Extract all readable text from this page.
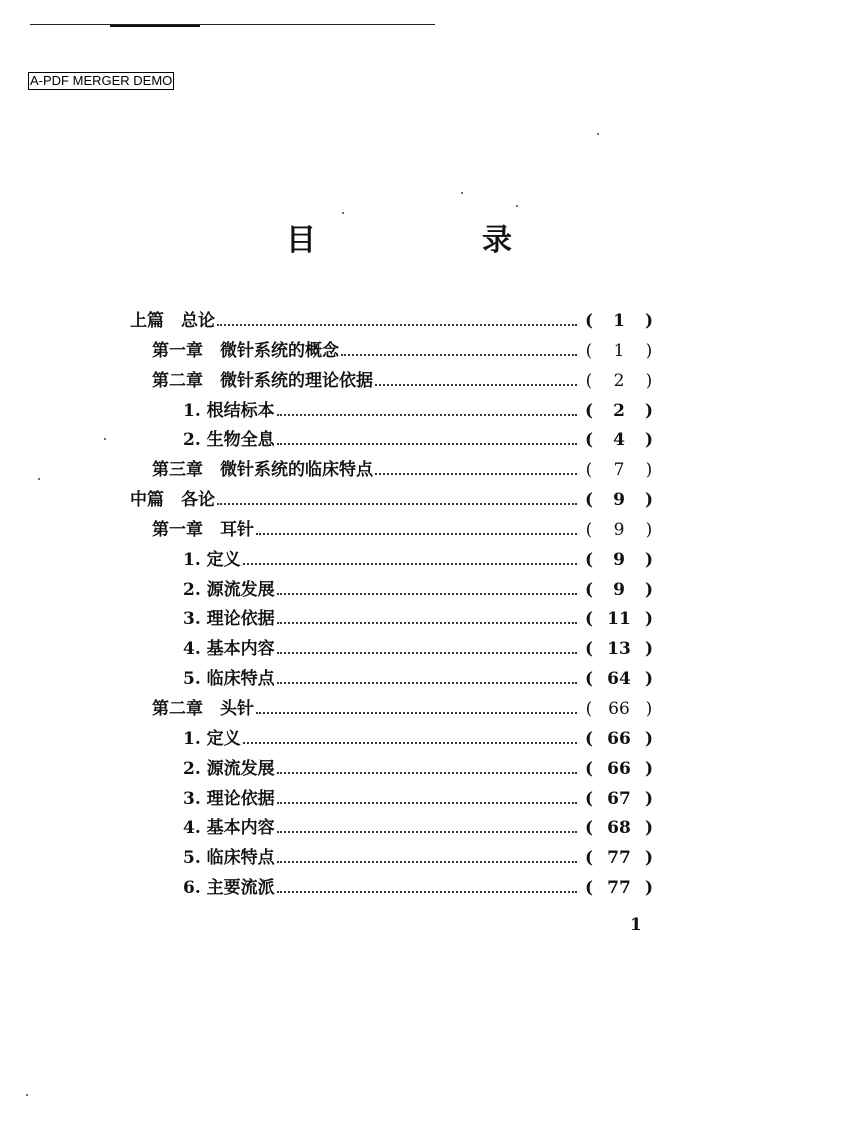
A-PDF MERGER DEMO
目　录
上篇　总论	(	1	)
第一章　微针系统的概念	(	1	)
第二章　微针系统的理论依据	(	2	)
1. 根结标本	(	2	)
2. 生物全息	(	4	)
第三章　微针系统的临床特点	(	7	)
中篇　各论	(	9	)
第一章　耳针	(	9	)
1. 定义	(	9	)
2. 源流发展	(	9	)
3. 理论依据	( 11 )
4. 基本内容	( 13 )
5. 临床特点	( 64 )
第二章　头针	( 66 )
1. 定义	( 66 )
2. 源流发展	( 66 )
3. 理论依据	( 67 )
4. 基本内容	( 68 )
5. 临床特点	( 77 )
6. 主要流派	( 77 )
1
